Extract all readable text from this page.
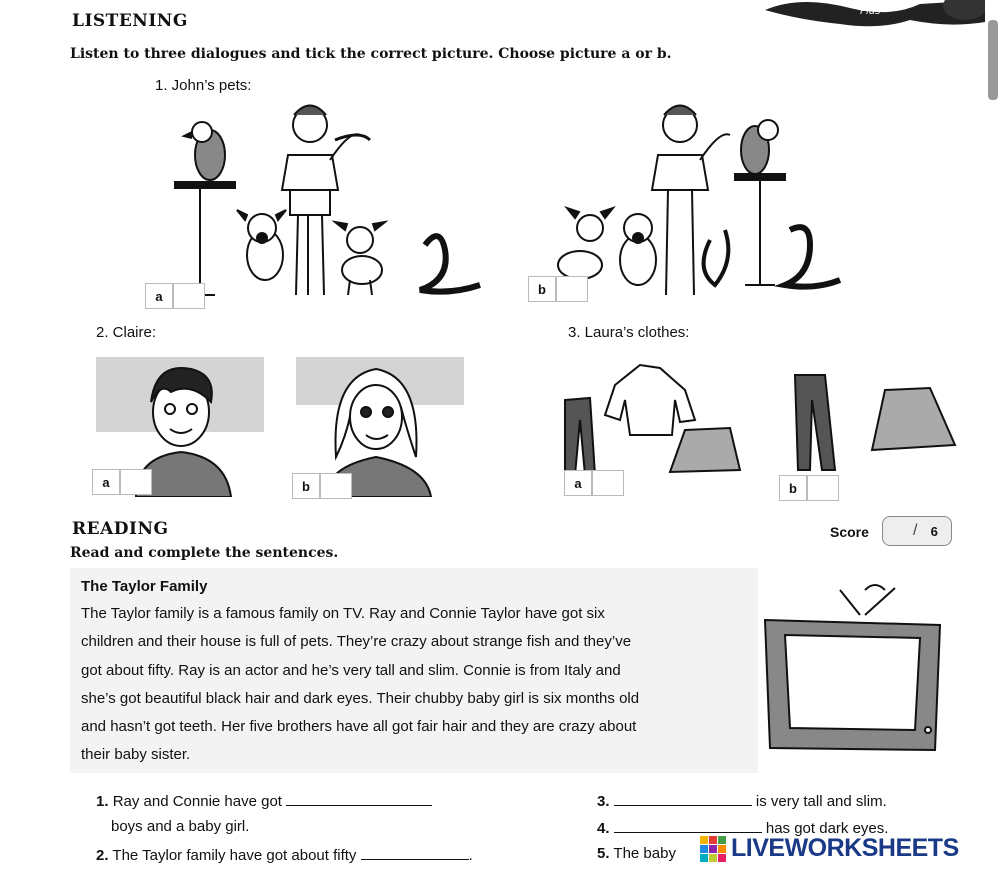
Plus
LISTENING
Listen to three dialogues and tick the correct picture. Choose picture a or b.
1. John’s pets:
a	b
2. Claire:	3. Laura’s clothes:
a	b	a	b
READING
Read and complete the sentences.
Score	/	6
The Taylor Family
The Taylor family is a famous family on TV. Ray and Connie Taylor have got six
children and their house is full of pets. They’re crazy about strange fish and they’ve
got about fifty. Ray is an actor and he’s very tall and slim. Connie is from Italy and
she’s got beautiful black hair and dark eyes. Their chubby baby girl is six months old
and hasn’t got teeth. Her five brothers have all got fair hair and they are crazy about
their baby sister.
1. Ray and Connie have got
boys and a baby girl.
2. The Taylor family have got about fifty	.
3.	is very tall and slim.
4.	has got dark eyes.
5. The baby LIVEWORKSHEETS
